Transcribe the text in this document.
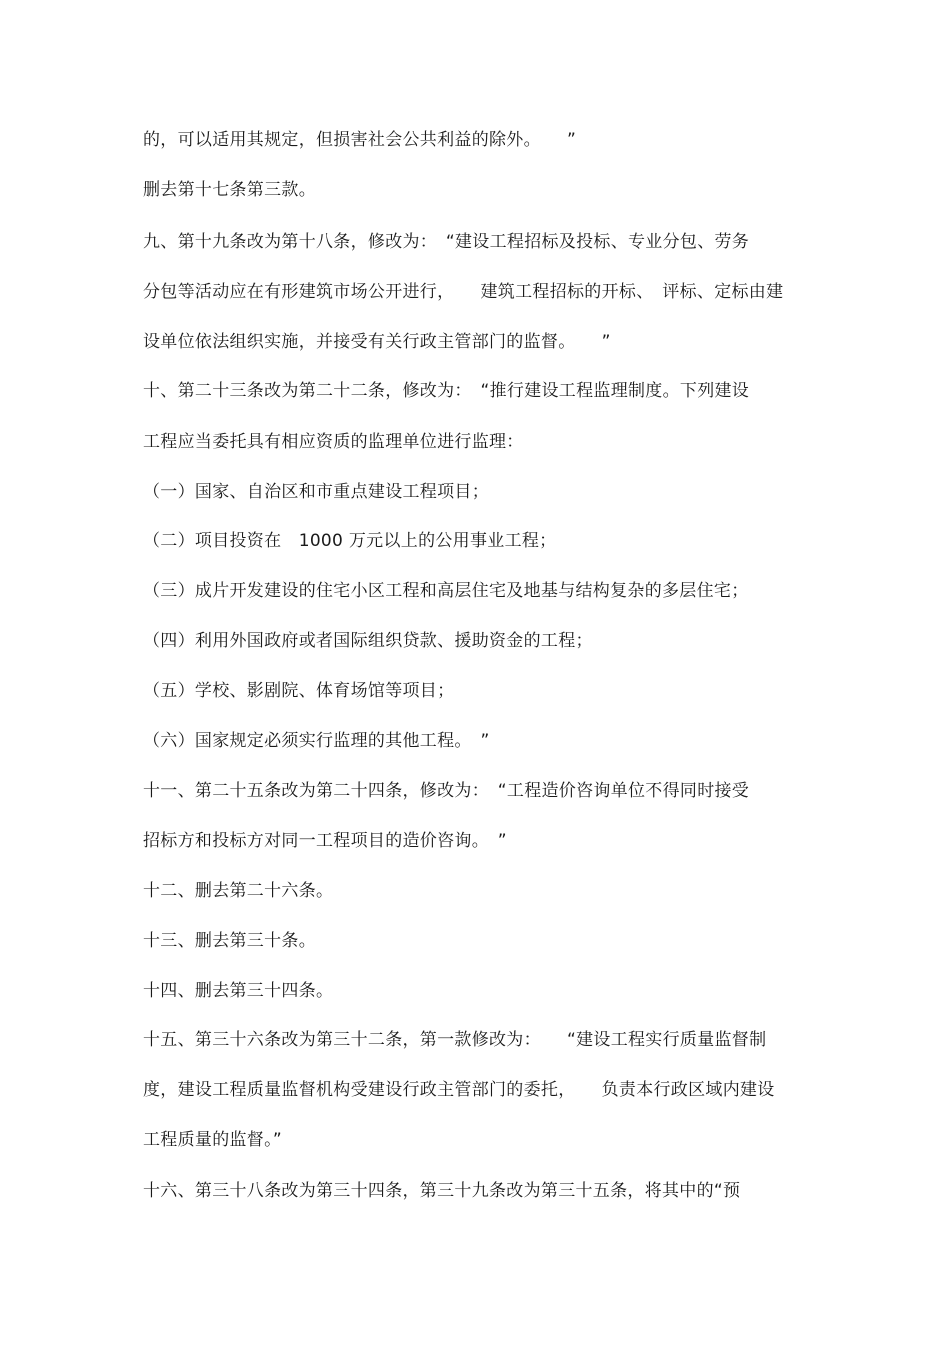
的，可以适用其规定，但损害社会公共利益的除外。　　”
删去第十七条第三款。
九、第十九条改为第十八条，修改为：　“建设工程招标及投标、专业分包、劳务
分包等活动应在有形建筑市场公开进行，　　建筑工程招标的开标、　评标、定标由建
设单位依法组织实施，并接受有关行政主管部门的监督。　　”
十、第二十三条改为第二十二条，修改为：　“推行建设工程监理制度。下列建设
工程应当委托具有相应资质的监理单位进行监理：
（一）国家、自治区和市重点建设工程项目；
（二）项目投资在　1000 万元以上的公用事业工程；
（三）成片开发建设的住宅小区工程和高层住宅及地基与结构复杂的多层住宅；
（四）利用外国政府或者国际组织贷款、援助资金的工程；
（五）学校、影剧院、体育场馆等项目；
（六）国家规定必须实行监理的其他工程。　”
十一、第二十五条改为第二十四条，修改为：　“工程造价咨询单位不得同时接受
招标方和投标方对同一工程项目的造价咨询。　”
十二、删去第二十六条。
十三、删去第三十条。
十四、删去第三十四条。
十五、第三十六条改为第三十二条，第一款修改为：　　“建设工程实行质量监督制
度，建设工程质量监督机构受建设行政主管部门的委托，　　负责本行政区域内建设
工程质量的监督。”
十六、第三十八条改为第三十四条，第三十九条改为第三十五条，将其中的“预
